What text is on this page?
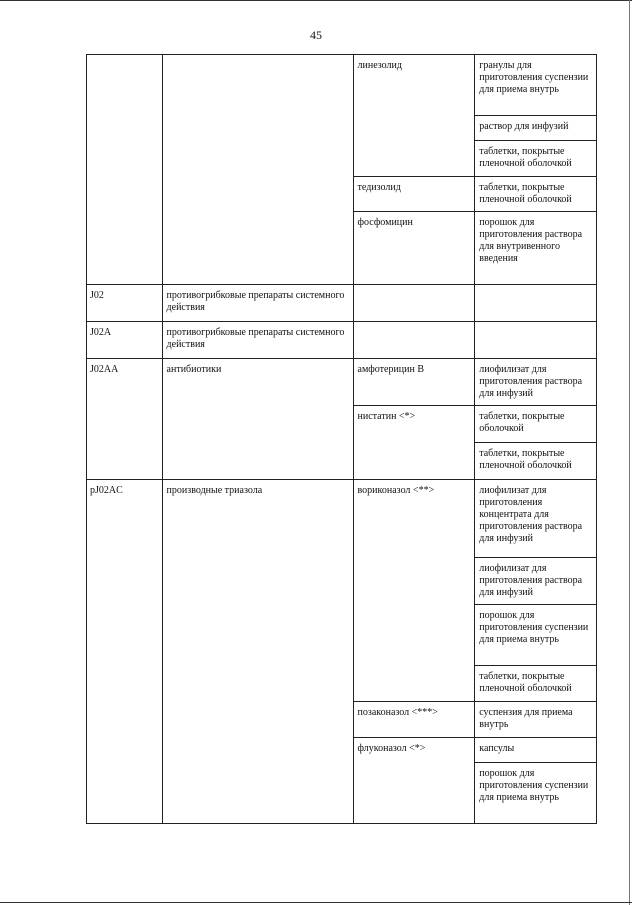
45
		линезолид	гранулы для приготовления суспензии для приема внутрь
			раствор для инфузий
			таблетки, покрытые пленочной оболочкой
		тедизолид	таблетки, покрытые пленочной оболочкой
		фосфомицин	порошок для приготовления раствора для внутривенного введения
J02	противогрибковые препараты системного действия		
J02A	противогрибковые препараты системного действия		
J02AA	антибиотики	амфотерицин B	лиофилизат для приготовления раствора для инфузий
		нистатин <*>	таблетки, покрытые оболочкой
			таблетки, покрытые пленочной оболочкой
pJ02AC	производные триазола	вориконазол <**>	лиофилизат для приготовления концентрата для приготовления раствора для инфузий
			лиофилизат для приготовления раствора для инфузий
			порошок для приготовления суспензии для приема внутрь
			таблетки, покрытые пленочной оболочкой
		позаконазол <***>	суспензия для приема внутрь
		флуконазол <*>	капсулы
			порошок для приготовления суспензии для приема внутрь
